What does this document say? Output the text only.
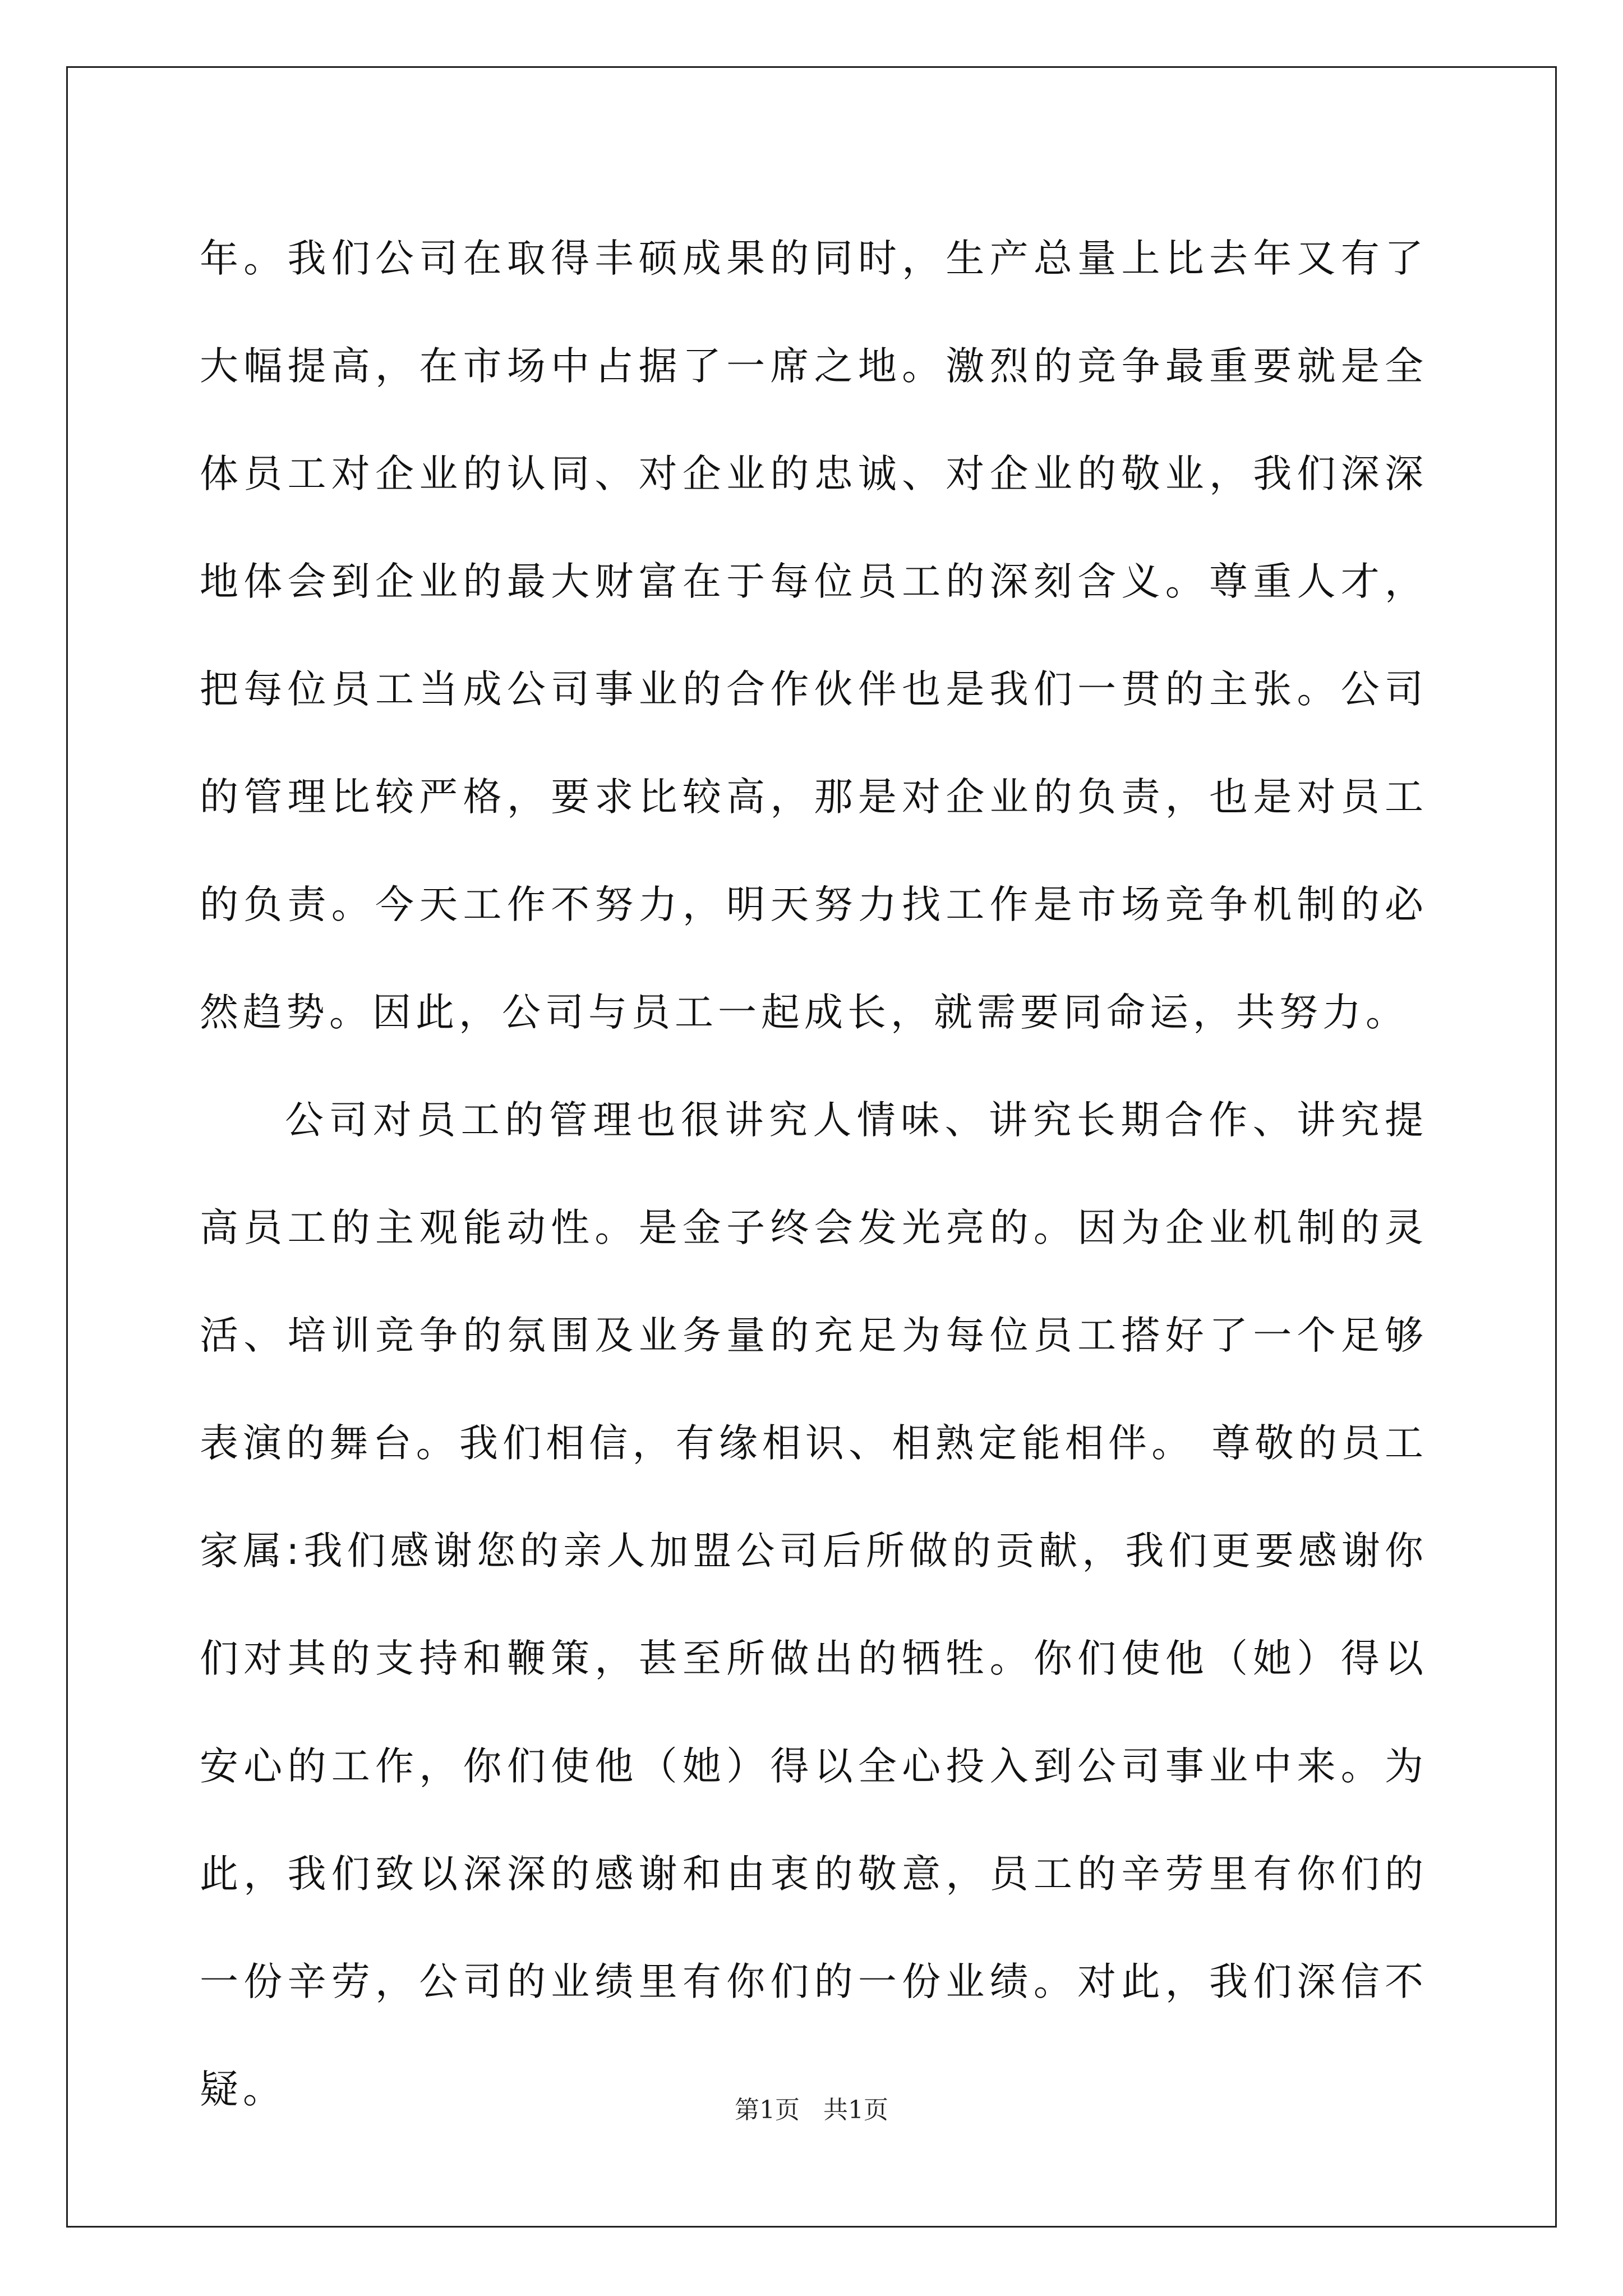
年。我们公司在取得丰硕成果的同时，生产总量上比去年又有了大幅提高，在市场中占据了一席之地。激烈的竞争最重要就是全体员工对企业的认同、对企业的忠诚、对企业的敬业，我们深深地体会到企业的最大财富在于每位员工的深刻含义。尊重人才，把每位员工当成公司事业的合作伙伴也是我们一贯的主张。公司的管理比较严格，要求比较高，那是对企业的负责，也是对员工的负责。今天工作不努力，明天努力找工作是市场竞争机制的必然趋势。因此，公司与员工一起成长，就需要同命运，共努力。

公司对员工的管理也很讲究人情味、讲究长期合作、讲究提高员工的主观能动性。是金子终会发光亮的。因为企业机制的灵活、培训竞争的氛围及业务量的充足为每位员工搭好了一个足够表演的舞台。我们相信，有缘相识、相熟定能相伴。 尊敬的员工家属:我们感谢您的亲人加盟公司后所做的贡献，我们更要感谢你们对其的支持和鞭策，甚至所做出的牺牲。你们使他（她）得以安心的工作，你们使他（她）得以全心投入到公司事业中来。为此，我们致以深深的感谢和由衷的敬意，员工的辛劳里有你们的一份辛劳，公司的业绩里有你们的一份业绩。对此，我们深信不疑。	第1页   共1页
